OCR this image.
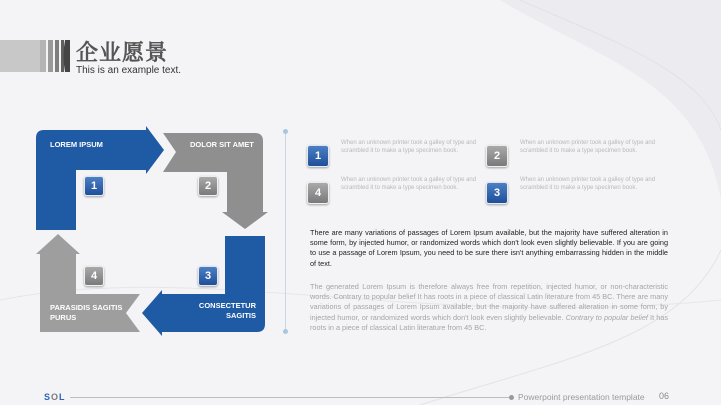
企业愿景
This is an example text.
LOREM IPSUM	DOLOR SIT AMET
CONSECTETUR
SAGITIS
PARASIDIS SAGITIS
PURUS
1	2
3
4
1
When an unknown printer took a galley of type and scrambled it to make a type specimen book.	2
When an unknown printer took a galley of type and scrambled it to make a type specimen book.
4
When an unknown printer took a galley of type and scrambled it to make a type specimen book.	3
When an unknown printer took a galley of type and scrambled it to make a type specimen book.

There are many variations of passages of Lorem Ipsum available, but the majority have suffered alteration in some form, by injected humor, or randomized words which don't look even slightly believable. If you are going to use a passage of Lorem Ipsum, you need to be sure there isn't anything embarrassing hidden in the middle of text.

The generated Lorem Ipsum is therefore always free from repetition, injected humor, or non-characteristic words. Contrary to popular belief It has roots in a piece of classical Latin literature from 45 BC. There are many variations of passages of Lorem Ipsum available, but the majority have suffered alteration in some form, by injected humor, or randomized words which don't look even slightly believable. Contrary to popular belief It has roots in a piece of classical Latin literature from 45 BC.

SOL	Powerpoint presentation template 06
